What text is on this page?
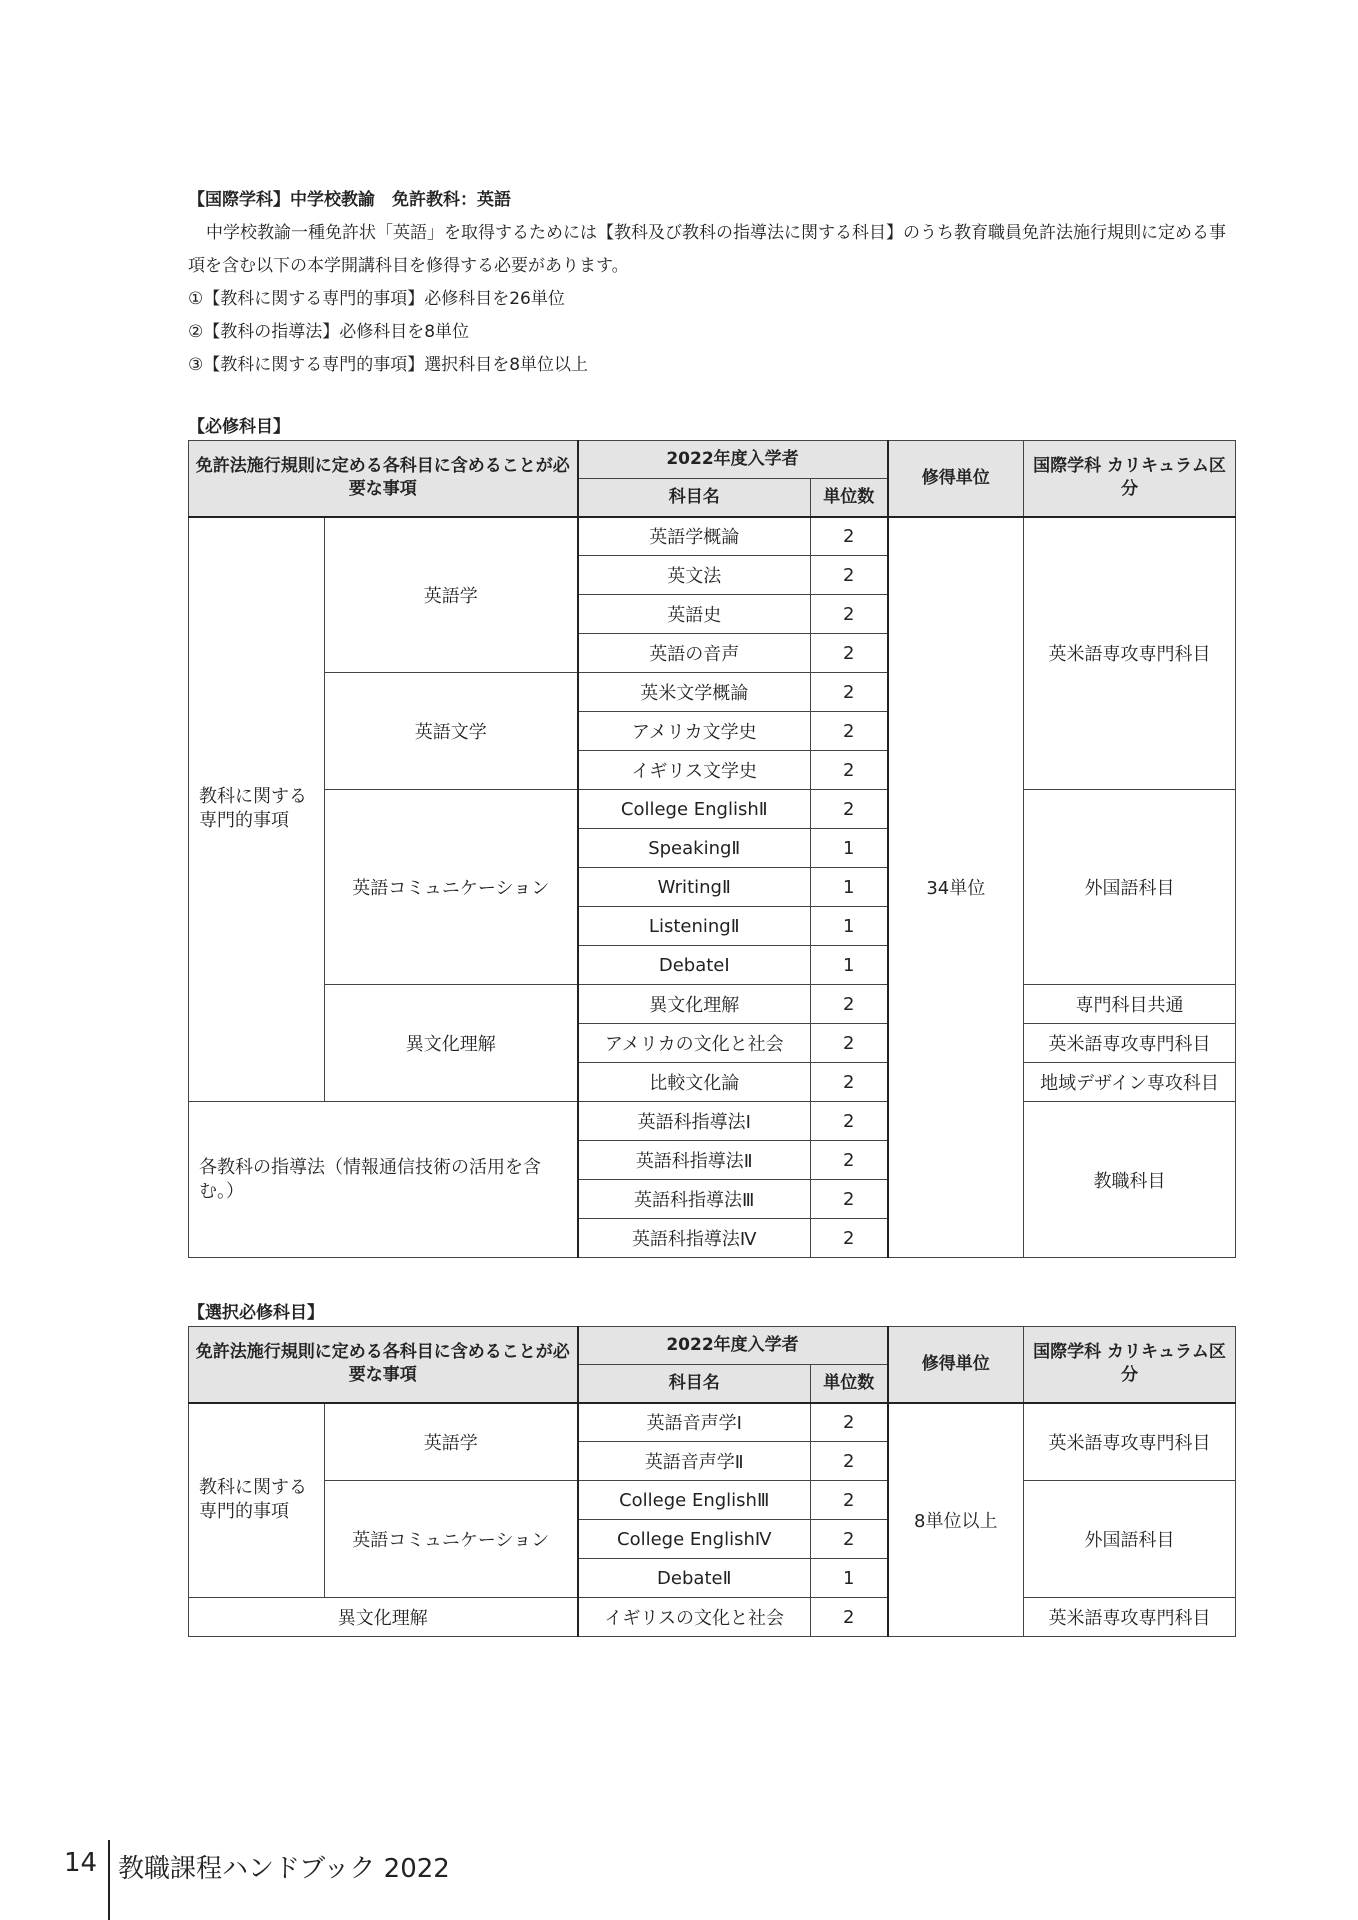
【国際学科】中学校教諭　免許教科：英語

中学校教諭一種免許状「英語」を取得するためには【教科及び教科の指導法に関する科目】のうち教育職員免許法施行規則に定める事項を含む以下の本学開講科目を修得する必要があります。

①【教科に関する専門的事項】必修科目を26単位

②【教科の指導法】必修科目を8単位

③【教科に関する専門的事項】選択科目を8単位以上

【必修科目】
免許法施行規則に定める各科目に含めることが必要な事項		2022年度入学者		修得単位	国際学科 カリキュラム区分
		科目名	単位数		
教科に関する専門的事項	英語学	英語学概論	2	34単位	英米語専攻専門科目
		英文法	2		
		英語史	2		
		英語の音声	2		
	英語文学	英米文学概論	2		
		アメリカ文学史	2		
		イギリス文学史	2		
	英語コミュニケーション	College EnglishⅡ	2		外国語科目
		SpeakingⅡ	1		
		WritingⅡ	1		
		ListeningⅡ	1		
		DebateⅠ	1		
	異文化理解	異文化理解	2		専門科目共通
		アメリカの文化と社会	2		英米語専攻専門科目
		比較文化論	2		地域デザイン専攻科目
各教科の指導法（情報通信技術の活用を含む。）		英語科指導法Ⅰ	2		教職科目
		英語科指導法Ⅱ	2		
		英語科指導法Ⅲ	2		
		英語科指導法Ⅳ	2		
【選択必修科目】
免許法施行規則に定める各科目に含めることが必要な事項		2022年度入学者		修得単位	国際学科 カリキュラム区分
		科目名	単位数		
教科に関する専門的事項	英語学	英語音声学Ⅰ	2	8単位以上	英米語専攻専門科目
		英語音声学Ⅱ	2		
	英語コミュニケーション	College EnglishⅢ	2		外国語科目
		College EnglishⅣ	2		
		DebateⅡ	1		
異文化理解		イギリスの文化と社会	2		英米語専攻専門科目
14 教職課程ハンドブック 2022
